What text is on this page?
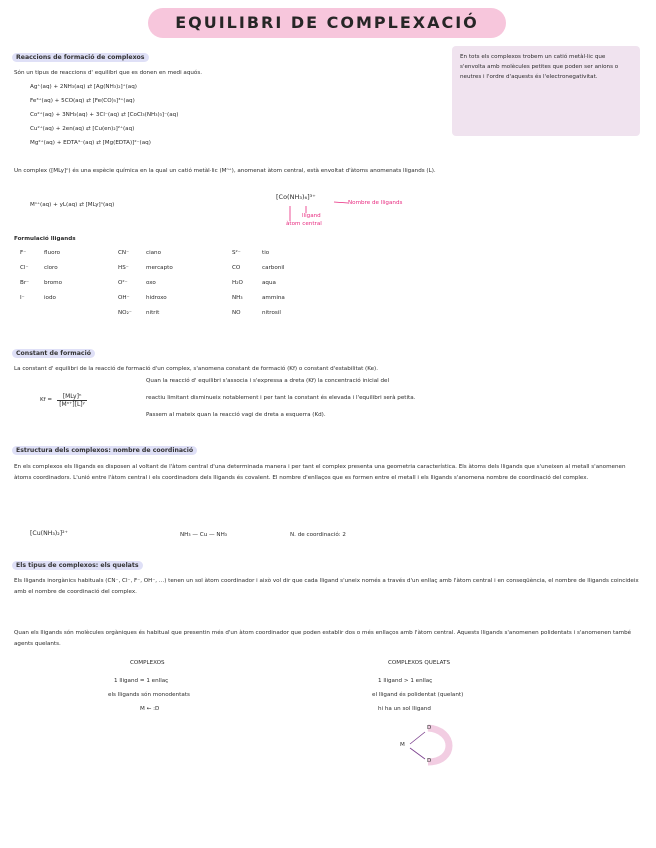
EQUILIBRI DE COMPLEXACIÓ
Reaccions de formació de complexos
Són un tipus de reaccions d' equilibri que es donen en medi aquós.
Ag⁺(aq) + 2NH₃(aq) ⇄ [Ag(NH₃)₂]⁺(aq)
Fe³⁺(aq) + 5CO(aq) ⇄ [Fe(CO)₅]³⁺(aq)
Co²⁺(aq) + 3NH₃(aq) + 3Cl⁻(aq) ⇄ [CoCl₃(NH₃)₃]⁻(aq)
Cu²⁺(aq) + 2en(aq) ⇄ [Cu(en)₂]²⁺(aq)
Mg²⁺(aq) + EDTA⁴⁻(aq) ⇄ [Mg(EDTA)]²⁻(aq)
Un complex ([MLy]ⁿ) és una espècie química en la qual un catió metàl·lic (Mⁿ⁺), anomenat àtom central, està envoltat d'àtoms anomenats lligands (L).
Mⁿ⁺(aq) + yL(aq) ⇄ [MLy]ⁿ(aq)
[Co(NH₃)₆]³⁺
Nombre de lligands
lligand
àtom central

En tots els complexos trobem un catió metàl·lic que s'envolta amb molècules petites que poden ser anions o neutres i l'ordre d'aquests és l'electronegativitat.

Formulació lligands
F⁻	fluoro
Cl⁻	cloro
Br⁻	bromo
I⁻	iodo
CN⁻	ciano
HS⁻	mercapto
O²⁻	oxo
OH⁻	hidroxo
NO₂⁻	nitrit
S²⁻	tio
CO	carbonil
H₂O	aqua
NH₃	ammina
NO	nitrosil
Constant de formació
La constant d' equilibri de la reacció de formació d'un complex, s'anomena constant de formació (Kf) o constant d'estabilitat (Ke).
$Kf = \frac{\text{[MLy]ⁿ}}{\text{[Mⁿ⁺][L]ʸ}}$
Quan la reacció d' equilibri s'associa i s'expressa a dreta (Kf) la concentració inicial del
reactiu limitant disminueix notablement i per tant la constant és elevada i l'equilibri serà petita.
Passem al mateix quan la reacció vagi de dreta a esquerra (Kd).
Estructura dels complexos: nombre de coordinació
En els complexos els lligands es disposen al voltant de l'àtom central d'una determinada manera i per tant el complex presenta una geometria característica. Els àtoms dels lligands que s'uneixen al metall s'anomenen àtoms coordinadors. L'unió entre l'àtom central i els coordinadors dels lligands és covalent. El nombre d'enllaços que es formen entre el metall i els lligands s'anomena nombre de coordinació del complex.
[Cu(NH₃)₂]²⁺	NH₃ — Cu — NH₃	N. de coordinació: 2
Els tipus de complexos: els quelats
Els lligands inorgànics habituals (CN⁻, Cl⁻, F⁻, OH⁻, ...) tenen un sol àtom coordinador i això vol dir que cada lligand s'uneix només a través d'un enllaç amb l'àtom central i en conseqüència, el nombre de lligands coincideix amb el nombre de coordinació del complex.
Quan els lligands són molècules orgàniques és habitual que presentin més d'un àtom coordinador que poden establir dos o més enllaços amb l'àtom central. Aquests lligands s'anomenen polidentats i s'anomenen també agents quelants.
COMPLEXOS
1 lligand = 1 enllaç
els lligands són monodentats
M ← :D
COMPLEXOS QUELATS
1 lligand > 1 enllaç
el lligand és polidentat (quelant)
hi ha un sol lligand
M
D
D
